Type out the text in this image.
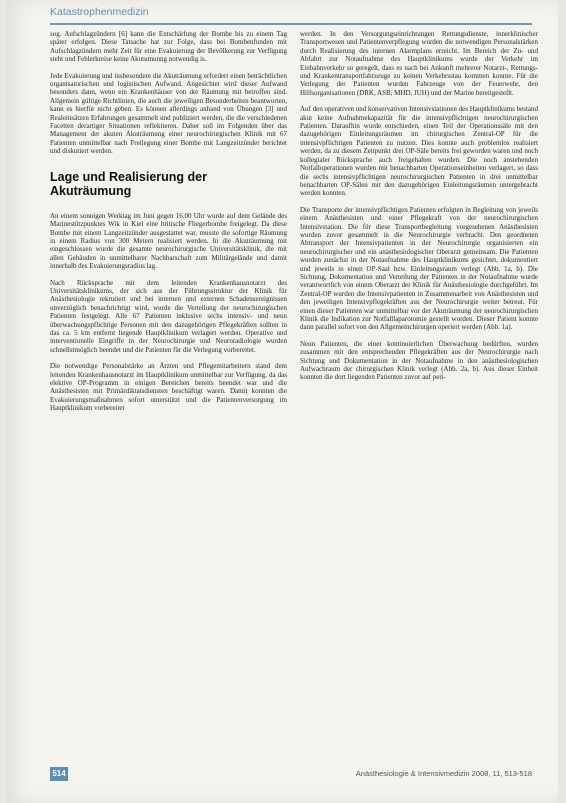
Katastrophenmedizin

sog. Aufschlagzündern [6] kann die Entschärfung der Bombe bis zu einem Tag später erfolgen. Diese Tatsache hat zur Folge, dass bei Bombenfunden mit Aufschlagzündern mehr Zeit für eine Evakuierung der Bevölkerung zur Verfügung steht und Fehlerkreise keine Akutumunng notwendig is.

Jede Evakuierung und insbesondere die Akuträumung erfordert einen beträchtlichen organisatorischen und logistischen Aufwand. Angesichtet wird dieser Aufwand besonders dann, wenn ein Krankenhäuser von der Räumung mit betroffen sind. Allgemein gültige Richtlinien, die auch die jeweiligen Besonderheiten beantworten, kann es hierfür nicht geben. Es können allerdings anhand von Übungen [3] und Realeinsätzen Erfahrungen gesammelt und publiziert werden, die die verschiedenen Facetten derartiger Situationen reflektieren. Daher soll im Folgenden über das Management der akuten Akuträumung einer neurochirurgischen Klinik mit 67 Patienten unmittelbar nach Freilegung einer Bombe mit Langzeitzünder berichtet und diskutiert werden.

Lage und Realisierung der Akuträumung

An einem sonnigen Werktag im Juni gegen 16.00 Uhr wurde auf dem Gelände des Marinestützpunktes Wik in Kiel eine britische Fliegerbombe freigelegt. Da diese Bombe mit einem Langzeitzünder ausgestattet war, musste die sofortige Räumung in einem Radius von 300 Metern realisiert werden. In die Akuträumung mit eingeschlossen wurde die gesamte neurochirurgische Universitätsklinik, die mit allen Gebäuden in unmittelbarer Nachbarschaft zum Militärgelände und damit innerhalb des Evakuierungsradius lag.

Nach Rücksprache mit dem leitenden Krankenhausnotarzt des Universitätsklinikums, der sich aus der Führungsstruktur der Klinik für Anästhesiologie rekrutiert und bei internen und externen Schadensereignissen unverzüglich benachrichtigt wird, wurde die Verteilung der neurochirurgischen Patienten festgelegt. Alle 67 Patienten inklusive sechs intensiv- und neun überwachungspflichtige Personen mit den dazugehörigen Pflegekräften sollten in das ca. 5 km entfernt liegende Hauptklinikum verlagert werden. Operative und interventionelle Eingriffe in der Neurochirurgie und Neuroradiologie wurden schnellstmöglich beendet und die Patienten für die Verlegung vorbereitet.

Die notwendige Personalstärke an Ärzten und Pflegemitarbeitern stand dem leitenden Krankenhausnotarzt im Hauptklinikum unmittelbar zur Verfügung, da das elektive OP-Programm in einigen Bereichen bereits beendet war und die Anästhesisten mit Primärdiktatsdiensten beschäftigt waren. Damit konnten die Evakuierungsmaßnahmen sofort unterstützt und die Patientenversorgung im Hauptklinikum vorbereitet

werden. In den Versorgungseinrichtungen Rettungsdienste, innerklinischer Transportwesen und Patientenverpflegung wurden die notwendigen Personalstärken durch Realisierung des internen Alarmplans erreicht. Im Bereich der Zu- und Abfahrt zur Notaufnahme des Hauptklinikums wurde der Verkehr im Einbahnverkehr so geregelt, dass es nach bei Ankunft mehrerer Notarzt-, Rettungs- und Krankentransportfahrzeuge zu keinen Verkehrsstau kommen konnte. Für die Verlegung der Patienten wurden Fahrzeuge von der Feuerwehr, den Hilfsorganisationen (DRK, ASB, MHD, JUH) und der Marine bereitgestellt.

Auf den operativen und konservativen Intensivstationen des Hauptklinikums bestand akut keine Aufnahmekapazität für die intensivpflichtigen neurochirurgischen Patienten. Daraufhin wurde entschieden, einen Teil der Operationssäle mit den dazugehörigen Einleitungsräumen im chirurgischen Zentral-OP für die intensivpflichtigen Patienten zu nutzen. Dies konnte auch problemlos realisiert werden, da zu diesem Zeitpunkt drei OP-Säle bereits frei geworden waren und noch kollegialer Rücksprache auch freigehalten wurden. Die noch anstehenden Notfalloperationen wurden mit benachbarten Operationseinheiten verlagert, so dass die sechs intensivpflichtigen neurochirurgischen Patienten in drei unmittelbar benachbarten OP-Sälen mit den dazugehörigen Einleitungsräumen untergebracht werden konnten.

Die Transporte der intensivpflichtigen Patienten erfolgten in Begleitung von jeweils einem Anästhesisten und einer Pflegekraft von der neurochirurgischen Intensivstation. Die für diese Transportbegleitung vorgesehenen Anästhesisten wurden zuvor gesammelt in die Neurochirurgie verbracht. Den geordneten Abtransport der Intensivpatienten in der Neurochirurgie organisierten ein neurochirurgischer und ein anästhesiologischer Oberarzt gemeinsam. Die Patienten wurden zunächst in der Notaufnahme des Hauptklinikums gesichtet, dokumentiert und jeweils in einen OP-Saal bzw. Einleitungsraum verlegt (Abb. 1a, b). Die Sichtung, Dokumentation und Verteilung der Patienten in der Notaufnahme wurde verantwortlich von einem Oberarzt der Klinik für Anästhesiologie durchgeführt. Im Zentral-OP wurden die Intensivpatienten in Zusammenarbeit von Anästhesisten und den jeweiligen Intensivpflegekräften aus der Neurochirurgie weiter betreut. Für einen dieser Patienten war unmittelbar vor der Akuträumung der neurochirurgischen Klinik die Indikation zur Notfalllaparotomie gestellt worden. Dieser Patient konnte dann parallel sofort von den Allgemeinchirurgen operiert werden (Abb. 1a).

Neun Patienten, die einer kontinuierlichen Überwachung bedürften, wurden zusammen mit den entsprechenden Pflegekräften aus der Neurochirurgie nach Sichtung und Dokumentation in der Notaufnahme in den anästhesiologischen Aufwachraum der chirurgischen Klinik verlegt (Abb. 2a, b). Aus dieser Einheit konnten die dort liegenden Patienten zuvor auf peri-

514	Anästhesiologie & Intensivmedizin 2008, 11, 513-518
